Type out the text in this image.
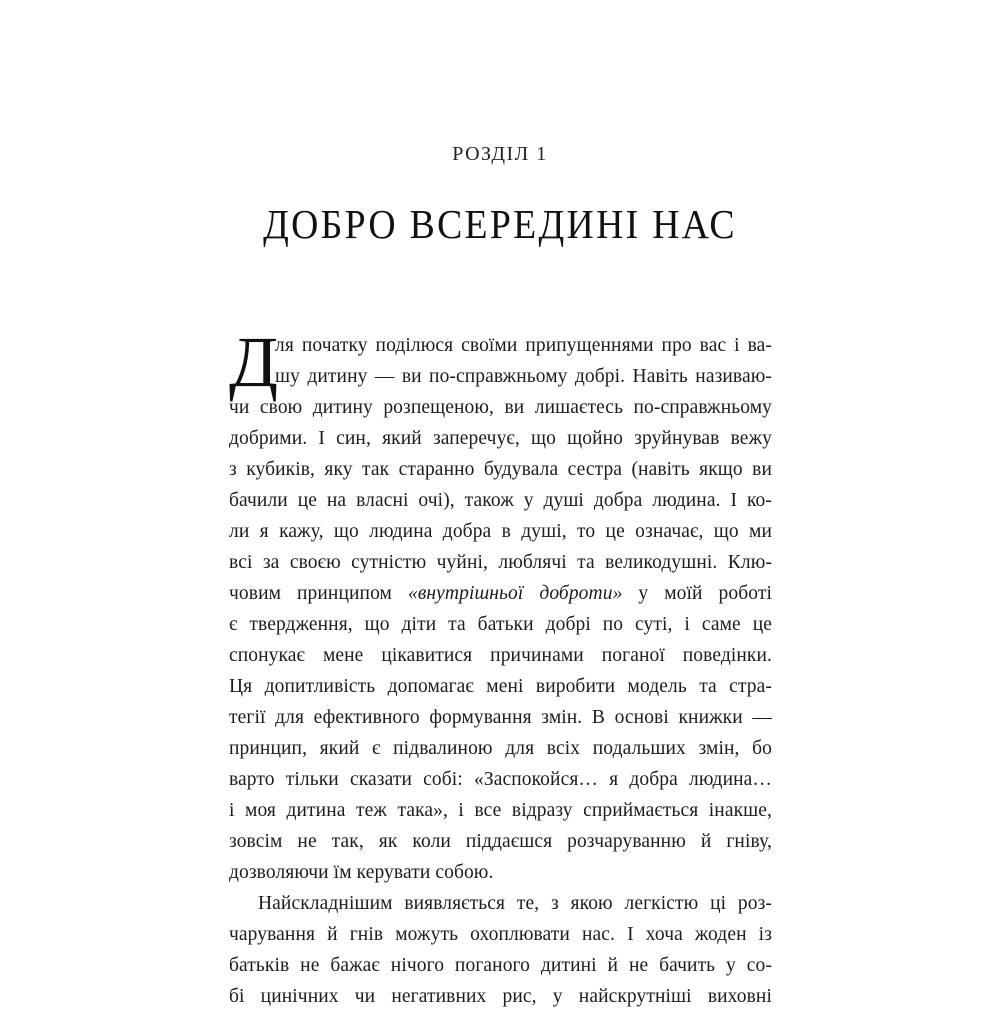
РОЗДІЛ 1
ДОБРО ВСЕРЕДИНІ НАС
Д
ля початку поділюся своїми припущеннями про вас і ва-
шу дитину — ви по-справжньому добрі. Навіть називаю-
чи свою дитину розпещеною, ви лишаєтесь по-справжньому
добрими. І син, який заперечує, що щойно зруйнував вежу
з кубиків, яку так старанно будувала сестра (навіть якщо ви
бачили це на власні очі), також у душі добра людина. І ко-
ли я кажу, що людина добра в душі, то це означає, що ми
всі за своєю сутністю чуйні, люблячі та великодушні. Клю-
човим принципом «внутрішньої доброти» у моїй роботі
є твердження, що діти та батьки добрі по суті, і саме це
спонукає мене цікавитися причинами поганої поведінки.
Ця допитливість допомагає мені виробити модель та стра-
тегії для ефективного формування змін. В основі книжки —
принцип, який є підвалиною для всіх подальших змін, бо
варто тільки сказати собі: «Заспокойся… я добра людина…
і моя дитина теж така», і все відразу сприймається інакше,
зовсім не так, як коли піддаєшся розчаруванню й гніву,
дозволяючи їм керувати собою.
Найскладнішим виявляється те, з якою легкістю ці роз-
чарування й гнів можуть охоплювати нас. І хоча жоден із
батьків не бажає нічого поганого дитині й не бачить у со-
бі цинічних чи негативних рис, у найскрутніші виховні
